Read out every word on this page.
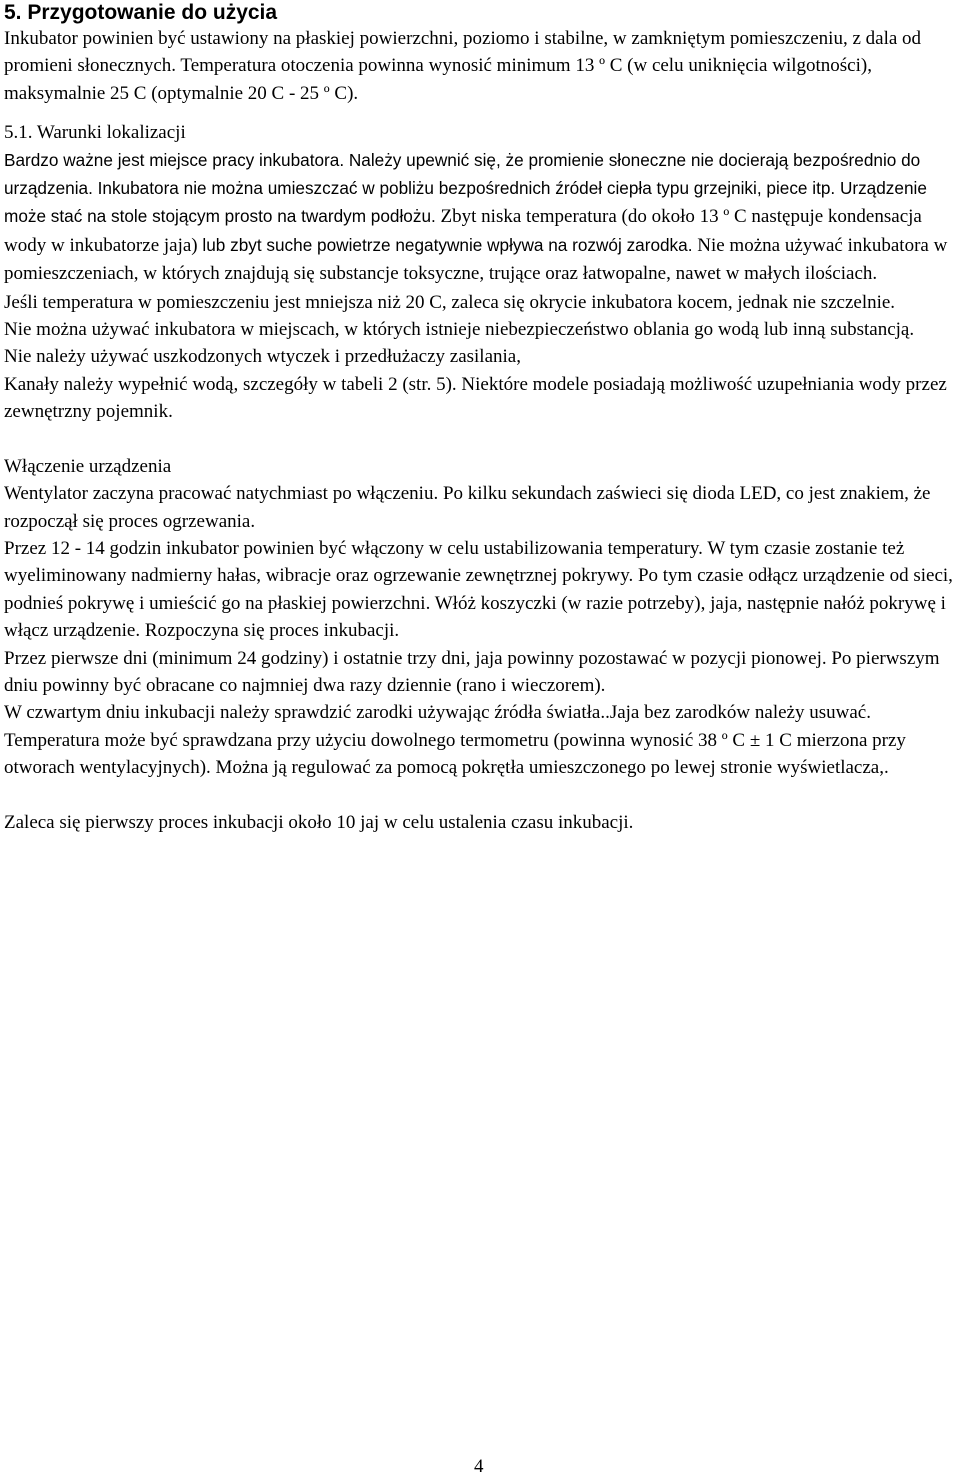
5. Przygotowanie do użycia

Inkubator powinien być ustawiony na płaskiej powierzchni, poziomo i stabilne, w zamkniętym pomieszczeniu, z dala od promieni słonecznych. Temperatura otoczenia powinna wynosić minimum 13 º C (w celu uniknięcia wilgotności), maksymalnie 25 C (optymalnie 20 C - 25 º C).

5.1. Warunki lokalizacji

Bardzo ważne jest miejsce pracy inkubatora. Należy upewnić się, że promienie słoneczne nie docierają bezpośrednio do urządzenia. Inkubatora nie można umieszczać w pobliżu bezpośrednich źródeł ciepła typu grzejniki, piece itp. Urządzenie może stać na stole stojącym prosto na twardym podłożu. Zbyt niska temperatura (do około 13 º C następuje kondensacja wody w inkubatorze jaja) lub zbyt suche powietrze negatywnie wpływa na rozwój zarodka. Nie można używać inkubatora w pomieszczeniach, w których znajdują się substancje toksyczne, trujące oraz łatwopalne, nawet w małych ilościach.

Jeśli temperatura w pomieszczeniu jest mniejsza niż 20 C, zaleca się okrycie inkubatora kocem, jednak nie szczelnie.

Nie można używać inkubatora w miejscach, w których istnieje niebezpieczeństwo oblania go wodą lub inną substancją.

Nie należy używać uszkodzonych wtyczek i przedłużaczy zasilania,

Kanały należy wypełnić wodą, szczegóły w tabeli 2 (str. 5). Niektóre modele posiadają możliwość uzupełniania wody przez zewnętrzny pojemnik.

Włączenie urządzenia

Wentylator zaczyna pracować natychmiast po włączeniu. Po kilku sekundach zaświeci się dioda LED, co jest znakiem, że rozpoczął się proces ogrzewania.

Przez 12 - 14 godzin inkubator powinien być włączony w celu ustabilizowania temperatury. W tym czasie zostanie też wyeliminowany nadmierny hałas, wibracje oraz ogrzewanie zewnętrznej pokrywy. Po tym czasie odłącz urządzenie od sieci, podnieś pokrywę i umieścić go na płaskiej powierzchni. Włóż koszyczki (w razie potrzeby), jaja, następnie nałóż pokrywę i włącz urządzenie. Rozpoczyna się proces inkubacji.

Przez pierwsze dni (minimum 24 godziny) i ostatnie trzy dni, jaja powinny pozostawać w pozycji pionowej. Po pierwszym dniu powinny być obracane co najmniej dwa razy dziennie (rano i wieczorem).

W czwartym dniu inkubacji należy sprawdzić zarodki używając źródła światła..Jaja bez zarodków należy usuwać.

Temperatura może być sprawdzana przy użyciu dowolnego termometru (powinna wynosić 38 º C ± 1 C mierzona przy otworach wentylacyjnych). Można ją regulować za pomocą pokrętła umieszczonego po lewej stronie wyświetlacza,.

Zaleca się pierwszy proces inkubacji około 10 jaj w celu ustalenia czasu inkubacji.

4
